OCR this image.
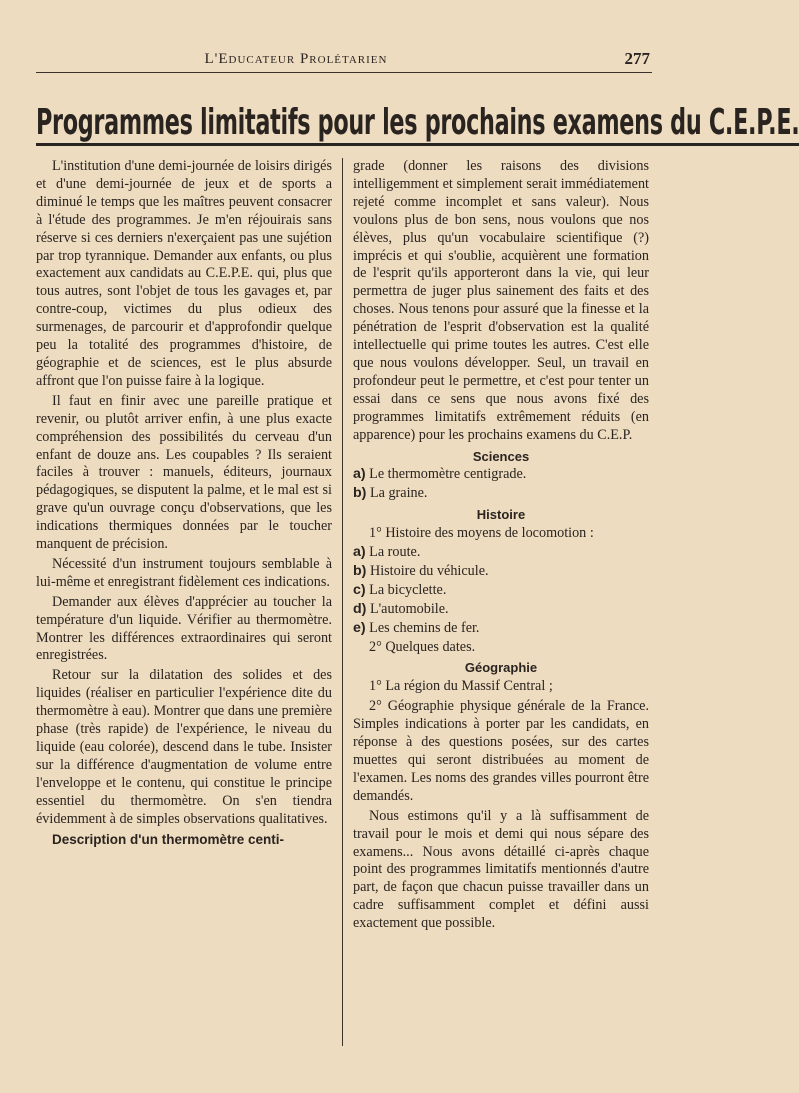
L'Educateur Prolétarien	277
Programmes limitatifs pour les prochains examens du C.E.P.E.

L'institution d'une demi-journée de loisirs dirigés et d'une demi-journée de jeux et de sports a diminué le temps que les maîtres peuvent consacrer à l'étude des programmes. Je m'en réjouirais sans réserve si ces derniers n'exerçaient pas une sujétion par trop tyrannique. Demander aux enfants, ou plus exactement aux candidats au C.E.P.E. qui, plus que tous autres, sont l'objet de tous les gavages et, par contre-coup, victimes du plus odieux des surmenages, de parcourir et d'approfondir quelque peu la totalité des programmes d'histoire, de géographie et de sciences, est le plus absurde affront que l'on puisse faire à la logique.

Il faut en finir avec une pareille pratique et revenir, ou plutôt arriver enfin, à une plus exacte compréhension des possibilités du cerveau d'un enfant de douze ans. Les coupables ? Ils seraient faciles à trouver : manuels, éditeurs, journaux pédagogiques, se disputent la palme, et le mal est si grave qu'un ouvrage conçu d'observations, que les indications thermiques données par le toucher manquent de précision.

Nécessité d'un instrument toujours semblable à lui-même et enregistrant fidèlement ces indications.

Demander aux élèves d'apprécier au toucher la température d'un liquide. Vérifier au thermomètre. Montrer les différences extraordinaires qui seront enregistrées.

Retour sur la dilatation des solides et des liquides (réaliser en particulier l'expérience dite du thermomètre à eau). Montrer que dans une première phase (très rapide) de l'expérience, le niveau du liquide (eau colorée), descend dans le tube. Insister sur la différence d'augmentation de volume entre l'enveloppe et le contenu, qui constitue le principe essentiel du thermomètre. On s'en tiendra évidemment à de simples observations qualitatives.

Description d'un thermomètre centi-

grade (donner les raisons des divisions intelligemment et simplement serait immédiatement rejeté comme incomplet et sans valeur). Nous voulons plus de bon sens, nous voulons que nos élèves, plus qu'un vocabulaire scientifique (?) imprécis et qui s'oublie, acquièrent une formation de l'esprit qu'ils apporteront dans la vie, qui leur permettra de juger plus sainement des faits et des choses. Nous tenons pour assuré que la finesse et la pénétration de l'esprit d'observation est la qualité intellectuelle qui prime toutes les autres. C'est elle que nous voulons développer. Seul, un travail en profondeur peut le permettre, et c'est pour tenter un essai dans ce sens que nous avons fixé des programmes limitatifs extrêmement réduits (en apparence) pour les prochains examens du C.E.P.

Sciences

a) Le thermomètre centigrade.

b) La graine.

Histoire

1° Histoire des moyens de locomotion :

a) La route.

b) Histoire du véhicule.

c) La bicyclette.

d) L'automobile.

e) Les chemins de fer.

2° Quelques dates.

Géographie

1° La région du Massif Central ;

2° Géographie physique générale de la France. Simples indications à porter par les candidats, en réponse à des questions posées, sur des cartes muettes qui seront distribuées au moment de l'examen. Les noms des grandes villes pourront être demandés.

Nous estimons qu'il y a là suffisamment de travail pour le mois et demi qui nous sépare des examens... Nous avons détaillé ci-après chaque point des programmes limitatifs mentionnés d'autre part, de façon que chacun puisse travailler dans un cadre suffisamment complet et défini aussi exactement que possible.
